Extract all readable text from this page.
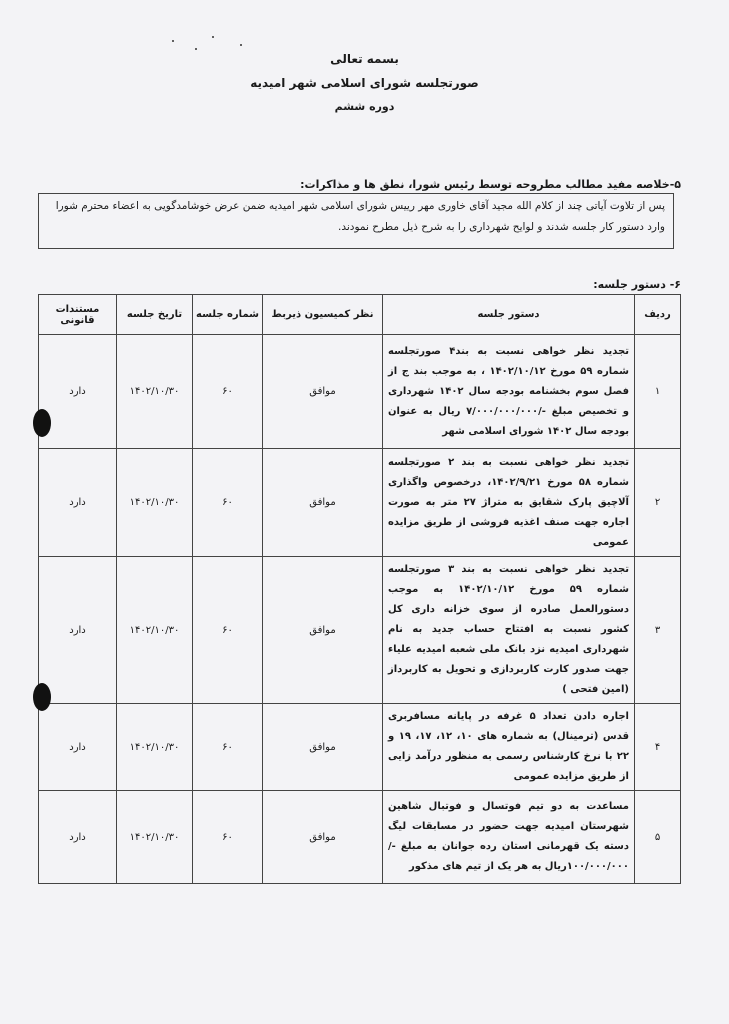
بسمه تعالی
صورتجلسه شورای اسلامی شهر امیدیه
دوره ششم
۵-خلاصه مفید مطالب مطروحه توسط رئیس شورا، نطق ها و مذاکرات:
پس از تلاوت آیاتی چند از کلام الله مجید آقای خاوری مهر رییس شورای اسلامی شهر امیدیه ضمن عرض خوشامدگویی به اعضاء محترم شورا
وارد دستور کار جلسه شدند و لوایح شهرداری را به شرح ذیل مطرح نمودند.
۶- دستور جلسه:
ردیف	دستور جلسه	نظر کمیسیون ذیربط	شماره جلسه	تاریخ جلسه	مستندات قانونی
۱	تجدید نظر خواهی نسبت به بند۴ صورتجلسه شماره ۵۹ مورخ ۱۴۰۲/۱۰/۱۲ ، به موجب بند ج از فصل سوم بخشنامه بودجه سال ۱۴۰۲ شهرداری و تخصیص مبلغ -/۷/۰۰۰/۰۰۰/۰۰۰ ریال به عنوان بودجه سال ۱۴۰۲ شورای اسلامی شهر	موافق	۶۰	۱۴۰۲/۱۰/۳۰	دارد
۲	تجدید نظر خواهی نسبت به بند ۲ صورتجلسه شماره ۵۸ مورخ ۱۴۰۲/۹/۲۱، درخصوص واگذاری آلاچیق پارک شقایق به متراژ ۲۷ متر به صورت اجاره جهت صنف اغذیه فروشی از طریق مزایده عمومی	موافق	۶۰	۱۴۰۲/۱۰/۳۰	دارد
۳	تجدید نظر خواهی نسبت به بند ۳ صورتجلسه شماره ۵۹ مورخ ۱۴۰۲/۱۰/۱۲ به موجب دستورالعمل صادره از سوی خزانه داری کل کشور نسبت به افتتاح حساب جدید به نام شهرداری امیدیه نزد بانک ملی شعبه امیدیه علیاء جهت صدور کارت کاربردازی و تحویل به کاربرداز (امین فتحی )	موافق	۶۰	۱۴۰۲/۱۰/۳۰	دارد
۴	اجاره دادن تعداد ۵ غرفه در پایانه مسافربری قدس (ترمینال) به شماره های ۱۰، ۱۲، ۱۷، ۱۹ و ۲۲ با نرخ کارشناس رسمی به منظور درآمد زایی از طریق مزایده عمومی	موافق	۶۰	۱۴۰۲/۱۰/۳۰	دارد
۵	مساعدت به دو تیم فوتسال و فوتبال شاهین شهرستان امیدیه جهت حضور در مسابقات لیگ دسته یک قهرمانی استان رده جوانان به مبلغ -/۱۰۰/۰۰۰/۰۰۰ریال به هر یک از تیم های مذکور	موافق	۶۰	۱۴۰۲/۱۰/۳۰	دارد
